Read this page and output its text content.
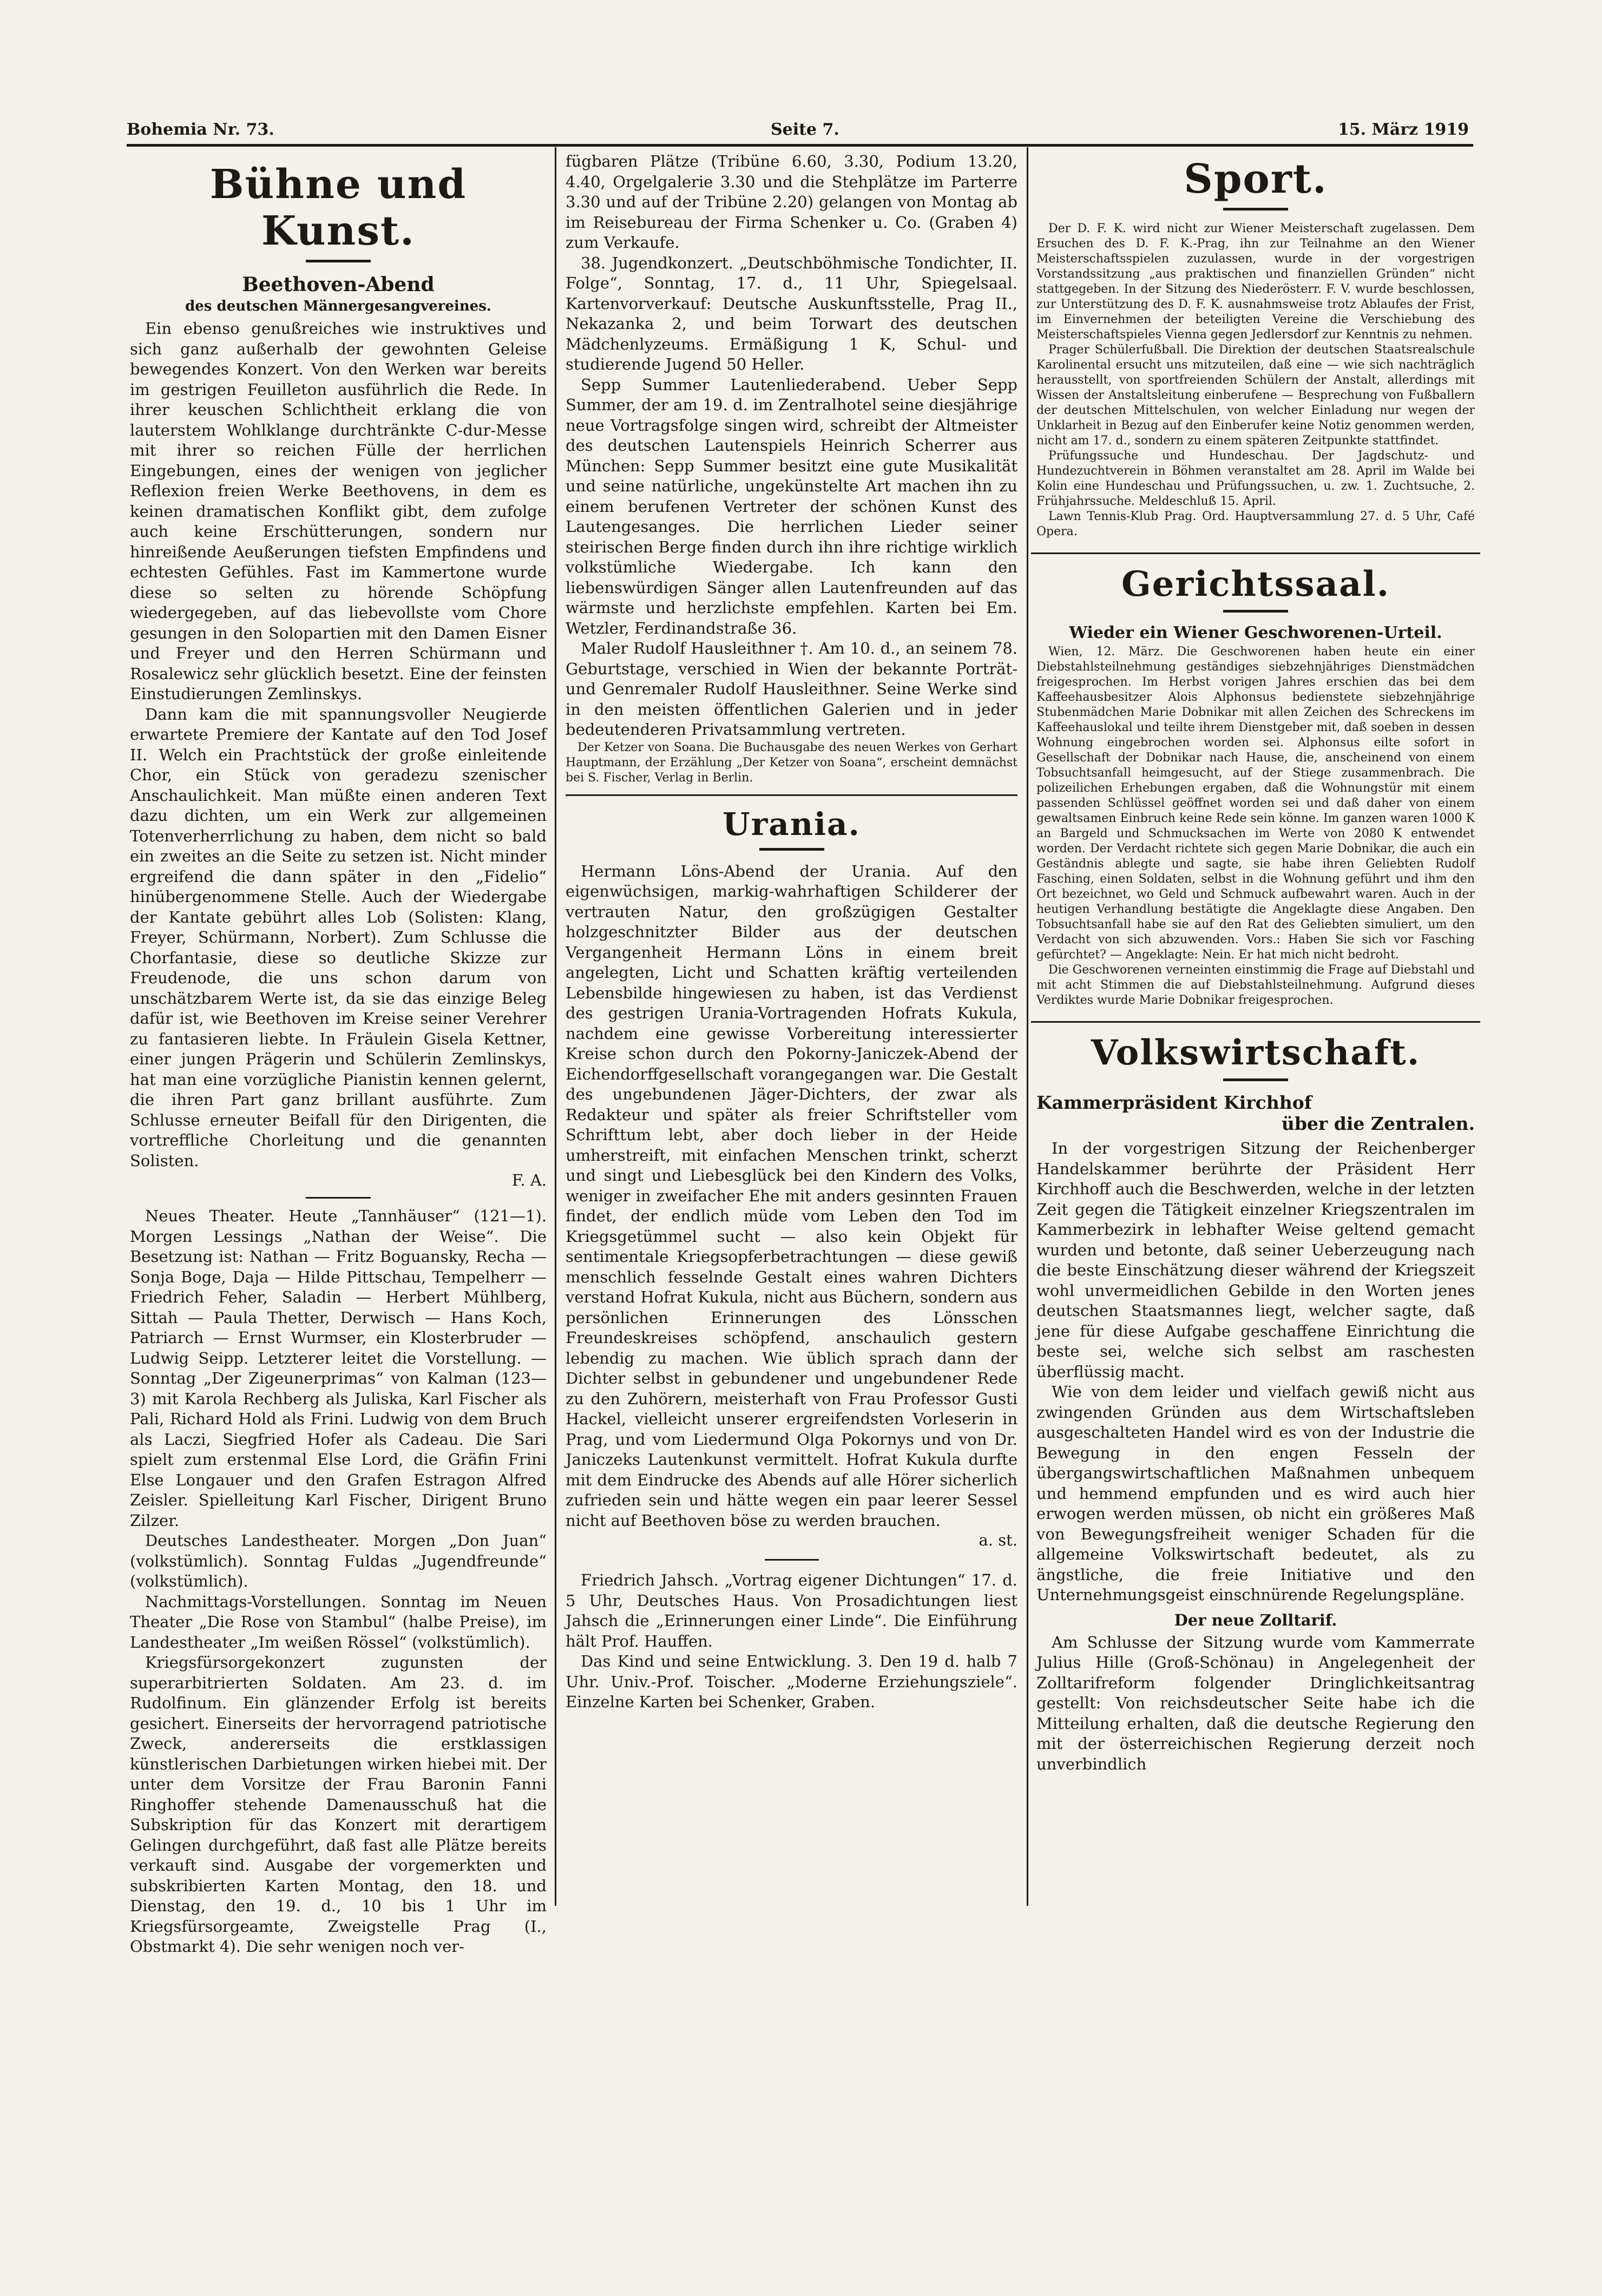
Bohemia Nr. 73.	Seite 7.	15. März 1919
Bühne und Kunst.
Beethoven-Abend
des deutschen Männergesangvereines.

Ein ebenso genußreiches wie instruktives und sich ganz außerhalb der gewohnten Geleise bewegendes Konzert. Von den Werken war bereits im gestrigen Feuilleton ausführlich die Rede. In ihrer keuschen Schlichtheit erklang die von lauterstem Wohlklange durchtränkte C-dur-Messe mit ihrer so reichen Fülle der herrlichen Eingebungen, eines der wenigen von jeglicher Reflexion freien Werke Beethovens, in dem es keinen dramatischen Konflikt gibt, dem zufolge auch keine Erschütterungen, sondern nur hinreißende Aeußerungen tiefsten Empfindens und echtesten Gefühles. Fast im Kammertone wurde diese so selten zu hörende Schöpfung wiedergegeben, auf das liebevollste vom Chore gesungen in den Solopartien mit den Damen Eisner und Freyer und den Herren Schürmann und Rosalewicz sehr glücklich besetzt. Eine der feinsten Einstudierungen Zemlinskys.

Dann kam die mit spannungsvoller Neugierde erwartete Premiere der Kantate auf den Tod Josef II. Welch ein Prachtstück der große einleitende Chor, ein Stück von geradezu szenischer Anschaulichkeit. Man müßte einen anderen Text dazu dichten, um ein Werk zur allgemeinen Totenverherrlichung zu haben, dem nicht so bald ein zweites an die Seite zu setzen ist. Nicht minder ergreifend die dann später in den „Fidelio“ hinübergenommene Stelle. Auch der Wiedergabe der Kantate gebührt alles Lob (Solisten: Klang, Freyer, Schürmann, Norbert). Zum Schlusse die Chorfantasie, diese so deutliche Skizze zur Freudenode, die uns schon darum von unschätzbarem Werte ist, da sie das einzige Beleg dafür ist, wie Beethoven im Kreise seiner Verehrer zu fantasieren liebte. In Fräulein Gisela Kettner, einer jungen Prägerin und Schülerin Zemlinskys, hat man eine vorzügliche Pianistin kennen gelernt, die ihren Part ganz brillant ausführte. Zum Schlusse erneuter Beifall für den Dirigenten, die vortreffliche Chorleitung und die genannten Solisten.

F. A.

Neues Theater. Heute „Tannhäuser“ (121—1). Morgen Lessings „Nathan der Weise“. Die Besetzung ist: Nathan — Fritz Boguansky, Recha — Sonja Boge, Daja — Hilde Pittschau, Tempelherr — Friedrich Feher, Saladin — Herbert Mühlberg, Sittah — Paula Thetter, Derwisch — Hans Koch, Patriarch — Ernst Wurmser, ein Klosterbruder — Ludwig Seipp. Letzterer leitet die Vorstellung. — Sonntag „Der Zigeunerprimas“ von Kalman (123—3) mit Karola Rechberg als Juliska, Karl Fischer als Pali, Richard Hold als Frini. Ludwig von dem Bruch als Laczi, Siegfried Hofer als Cadeau. Die Sari spielt zum erstenmal Else Lord, die Gräfin Frini Else Longauer und den Grafen Estragon Alfred Zeisler. Spielleitung Karl Fischer, Dirigent Bruno Zilzer.

Deutsches Landestheater. Morgen „Don Juan“ (volkstümlich). Sonntag Fuldas „Jugendfreunde“ (volkstümlich).

Nachmittags-Vorstellungen. Sonntag im Neuen Theater „Die Rose von Stambul“ (halbe Preise), im Landestheater „Im weißen Rössel“ (volkstümlich).

Kriegsfürsorgekonzert zugunsten der superarbitrierten Soldaten. Am 23. d. im Rudolfinum. Ein glänzender Erfolg ist bereits gesichert. Einerseits der hervorragend patriotische Zweck, andererseits die erstklassigen künstlerischen Darbietungen wirken hiebei mit. Der unter dem Vorsitze der Frau Baronin Fanni Ringhoffer stehende Damenausschuß hat die Subskription für das Konzert mit derartigem Gelingen durchgeführt, daß fast alle Plätze bereits verkauft sind. Ausgabe der vorgemerkten und subskribierten Karten Montag, den 18. und Dienstag, den 19. d., 10 bis 1 Uhr im Kriegsfürsorgeamte, Zweigstelle Prag (I., Obstmarkt 4). Die sehr wenigen noch ver-

fügbaren Plätze (Tribüne 6.60, 3.30, Podium 13.20, 4.40, Orgelgalerie 3.30 und die Stehplätze im Parterre 3.30 und auf der Tribüne 2.20) gelangen von Montag ab im Reisebureau der Firma Schenker u. Co. (Graben 4) zum Verkaufe.

38. Jugendkonzert. „Deutschböhmische Tondichter, II. Folge“, Sonntag, 17. d., 11 Uhr, Spiegelsaal. Kartenvorverkauf: Deutsche Auskunftsstelle, Prag II., Nekazanka 2, und beim Torwart des deutschen Mädchenlyzeums. Ermäßigung 1 K, Schul- und studierende Jugend 50 Heller.

Sepp Summer Lautenliederabend. Ueber Sepp Summer, der am 19. d. im Zentralhotel seine diesjährige neue Vortragsfolge singen wird, schreibt der Altmeister des deutschen Lautenspiels Heinrich Scherrer aus München: Sepp Summer besitzt eine gute Musikalität und seine natürliche, ungekünstelte Art machen ihn zu einem berufenen Vertreter der schönen Kunst des Lautengesanges. Die herrlichen Lieder seiner steirischen Berge finden durch ihn ihre richtige wirklich volkstümliche Wiedergabe. Ich kann den liebenswürdigen Sänger allen Lautenfreunden auf das wärmste und herzlichste empfehlen. Karten bei Em. Wetzler, Ferdinandstraße 36.

Maler Rudolf Hausleithner †. Am 10. d., an seinem 78. Geburtstage, verschied in Wien der bekannte Porträt- und Genremaler Rudolf Hausleithner. Seine Werke sind in den meisten öffentlichen Galerien und in jeder bedeutenderen Privatsammlung vertreten.

Der Ketzer von Soana. Die Buchausgabe des neuen Werkes von Gerhart Hauptmann, der Erzählung „Der Ketzer von Soana“, erscheint demnächst bei S. Fischer, Verlag in Berlin.

Urania.

Hermann Löns-Abend der Urania. Auf den eigenwüchsigen, markig-wahrhaftigen Schilderer der vertrauten Natur, den großzügigen Gestalter holzgeschnitzter Bilder aus der deutschen Vergangenheit Hermann Löns in einem breit angelegten, Licht und Schatten kräftig verteilenden Lebensbilde hingewiesen zu haben, ist das Verdienst des gestrigen Urania-Vortragenden Hofrats Kukula, nachdem eine gewisse Vorbereitung interessierter Kreise schon durch den Pokorny-Janiczek-Abend der Eichendorffgesellschaft vorangegangen war. Die Gestalt des ungebundenen Jäger-Dichters, der zwar als Redakteur und später als freier Schriftsteller vom Schrifttum lebt, aber doch lieber in der Heide umherstreift, mit einfachen Menschen trinkt, scherzt und singt und Liebesglück bei den Kindern des Volks, weniger in zweifacher Ehe mit anders gesinnten Frauen findet, der endlich müde vom Leben den Tod im Kriegsgetümmel sucht — also kein Objekt für sentimentale Kriegsopferbetrachtungen — diese gewiß menschlich fesselnde Gestalt eines wahren Dichters verstand Hofrat Kukula, nicht aus Büchern, sondern aus persönlichen Erinnerungen des Lönsschen Freundeskreises schöpfend, anschaulich gestern lebendig zu machen. Wie üblich sprach dann der Dichter selbst in gebundener und ungebundener Rede zu den Zuhörern, meisterhaft von Frau Professor Gusti Hackel, vielleicht unserer ergreifendsten Vorleserin in Prag, und vom Liedermund Olga Pokornys und von Dr. Janiczeks Lautenkunst vermittelt. Hofrat Kukula durfte mit dem Eindrucke des Abends auf alle Hörer sicherlich zufrieden sein und hätte wegen ein paar leerer Sessel nicht auf Beethoven böse zu werden brauchen.

a. st.

Friedrich Jahsch. „Vortrag eigener Dichtungen“ 17. d. 5 Uhr, Deutsches Haus. Von Prosadichtungen liest Jahsch die „Erinnerungen einer Linde“. Die Einführung hält Prof. Hauffen.

Das Kind und seine Entwicklung. 3. Den 19 d. halb 7 Uhr. Univ.-Prof. Toischer. „Moderne Erziehungsziele“. Einzelne Karten bei Schenker, Graben.

Sport.

Der D. F. K. wird nicht zur Wiener Meisterschaft zugelassen. Dem Ersuchen des D. F. K.-Prag, ihn zur Teilnahme an den Wiener Meisterschaftsspielen zuzulassen, wurde in der vorgestrigen Vorstandssitzung „aus praktischen und finanziellen Gründen“ nicht stattgegeben. In der Sitzung des Niederösterr. F. V. wurde beschlossen, zur Unterstützung des D. F. K. ausnahmsweise trotz Ablaufes der Frist, im Einvernehmen der beteiligten Vereine die Verschiebung des Meisterschaftspieles Vienna gegen Jedlersdorf zur Kenntnis zu nehmen.

Prager Schülerfußball. Die Direktion der deutschen Staatsrealschule Karolinental ersucht uns mitzuteilen, daß eine — wie sich nachträglich herausstellt, von sportfreienden Schülern der Anstalt, allerdings mit Wissen der Anstaltsleitung einberufene — Besprechung von Fußballern der deutschen Mittelschulen, von welcher Einladung nur wegen der Unklarheit in Bezug auf den Einberufer keine Notiz genommen werden, nicht am 17. d., sondern zu einem späteren Zeitpunkte stattfindet.

Prüfungssuche und Hundeschau. Der Jagdschutz- und Hundezuchtverein in Böhmen veranstaltet am 28. April im Walde bei Kolin eine Hundeschau und Prüfungssuchen, u. zw. 1. Zuchtsuche, 2. Frühjahrssuche. Meldeschluß 15. April.

Lawn Tennis-Klub Prag. Ord. Hauptversammlung 27. d. 5 Uhr, Café Opera.

Gerichtssaal.
Wieder ein Wiener Geschworenen-Urteil.

Wien, 12. März. Die Geschworenen haben heute ein einer Diebstahlsteilnehmung geständiges siebzehnjähriges Dienstmädchen freigesprochen. Im Herbst vorigen Jahres erschien das bei dem Kaffeehausbesitzer Alois Alphonsus bedienstete siebzehnjährige Stubenmädchen Marie Dobnikar mit allen Zeichen des Schreckens im Kaffeehauslokal und teilte ihrem Dienstgeber mit, daß soeben in dessen Wohnung eingebrochen worden sei. Alphonsus eilte sofort in Gesellschaft der Dobnikar nach Hause, die, anscheinend von einem Tobsuchtsanfall heimgesucht, auf der Stiege zusammenbrach. Die polizeilichen Erhebungen ergaben, daß die Wohnungstür mit einem passenden Schlüssel geöffnet worden sei und daß daher von einem gewaltsamen Einbruch keine Rede sein könne. Im ganzen waren 1000 K an Bargeld und Schmucksachen im Werte von 2080 K entwendet worden. Der Verdacht richtete sich gegen Marie Dobnikar, die auch ein Geständnis ablegte und sagte, sie habe ihren Geliebten Rudolf Fasching, einen Soldaten, selbst in die Wohnung geführt und ihm den Ort bezeichnet, wo Geld und Schmuck aufbewahrt waren. Auch in der heutigen Verhandlung bestätigte die Angeklagte diese Angaben. Den Tobsuchtsanfall habe sie auf den Rat des Geliebten simuliert, um den Verdacht von sich abzuwenden. Vors.: Haben Sie sich vor Fasching gefürchtet? — Angeklagte: Nein. Er hat mich nicht bedroht.

Die Geschworenen verneinten einstimmig die Frage auf Diebstahl und mit acht Stimmen die auf Diebstahlsteilnehmung. Aufgrund dieses Verdiktes wurde Marie Dobnikar freigesprochen.

Volkswirtschaft.
Kammerpräsident Kirchhof
über die Zentralen.

In der vorgestrigen Sitzung der Reichenberger Handelskammer berührte der Präsident Herr Kirchhoff auch die Beschwerden, welche in der letzten Zeit gegen die Tätigkeit einzelner Kriegszentralen im Kammerbezirk in lebhafter Weise geltend gemacht wurden und betonte, daß seiner Ueberzeugung nach die beste Einschätzung dieser während der Kriegszeit wohl unvermeidlichen Gebilde in den Worten jenes deutschen Staatsmannes liegt, welcher sagte, daß jene für diese Aufgabe geschaffene Einrichtung die beste sei, welche sich selbst am raschesten überflüssig macht.

Wie von dem leider und vielfach gewiß nicht aus zwingenden Gründen aus dem Wirtschaftsleben ausgeschalteten Handel wird es von der Industrie die Bewegung in den engen Fesseln der übergangswirtschaftlichen Maßnahmen unbequem und hemmend empfunden und es wird auch hier erwogen werden müssen, ob nicht ein größeres Maß von Bewegungsfreiheit weniger Schaden für die allgemeine Volkswirtschaft bedeutet, als zu ängstliche, die freie Initiative und den Unternehmungsgeist einschnürende Regelungspläne.

Der neue Zolltarif.

Am Schlusse der Sitzung wurde vom Kammerrate Julius Hille (Groß-Schönau) in Angelegenheit der Zolltarifreform folgender Dringlichkeitsantrag gestellt: Von reichsdeutscher Seite habe ich die Mitteilung erhalten, daß die deutsche Regierung den mit der österreichischen Regierung derzeit noch unverbindlich
